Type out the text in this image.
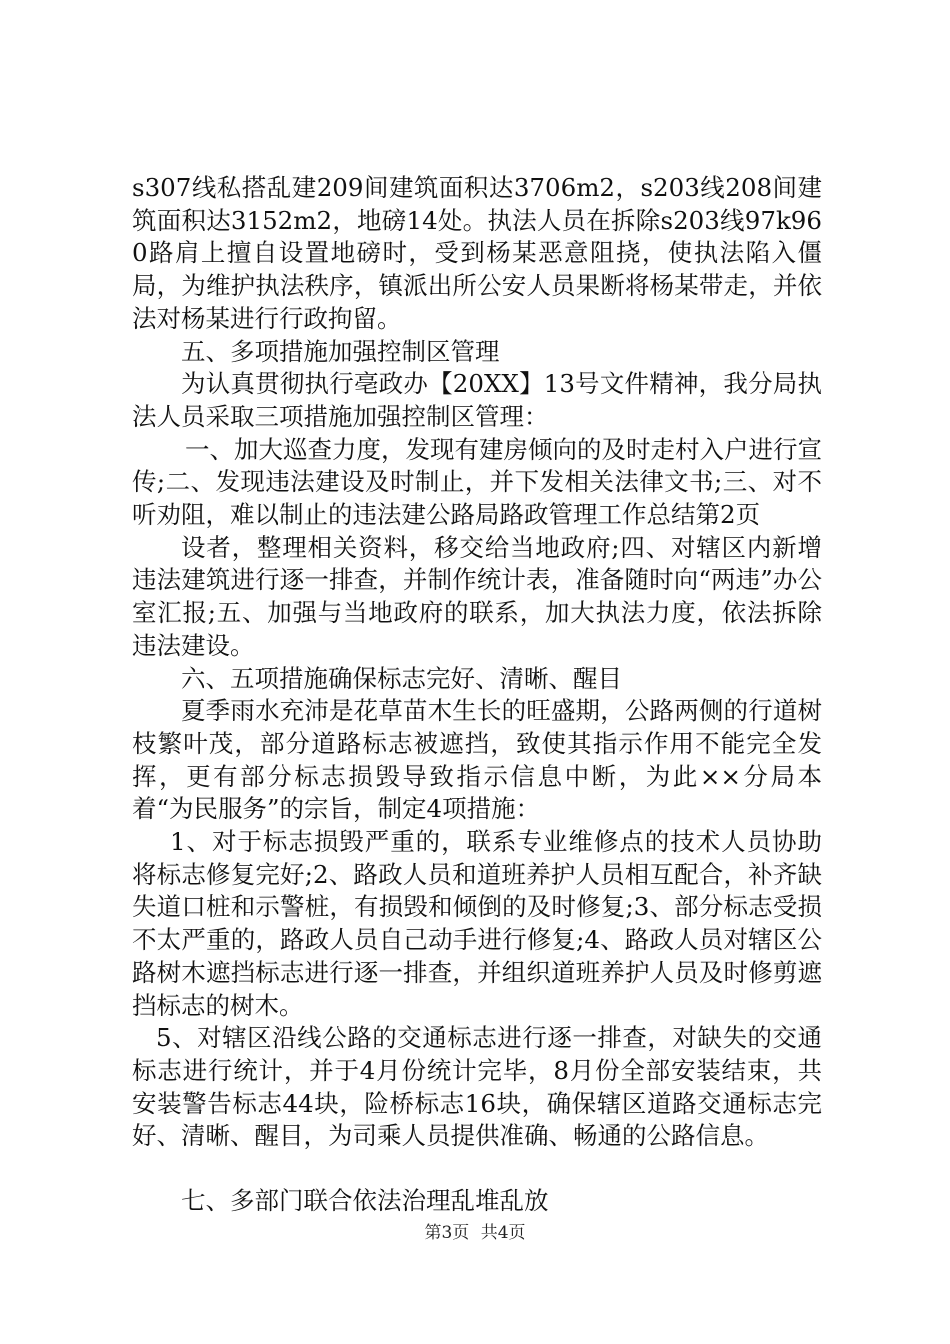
s307线私搭乱建209间建筑面积达3706m2，s203线208间建筑面积达3152m2，地磅14处。执法人员在拆除s203线97k960路肩上擅自设置地磅时，受到杨某恶意阻挠，使执法陷入僵局，为维护执法秩序，镇派出所公安人员果断将杨某带走，并依法对杨某进行行政拘留。

五、多项措施加强控制区管理

为认真贯彻执行亳政办【20XX】13号文件精神，我分局执法人员采取三项措施加强控制区管理：

一、加大巡查力度，发现有建房倾向的及时走村入户进行宣传;二、发现违法建设及时制止，并下发相关法律文书;三、对不听劝阻，难以制止的违法建公路局路政管理工作总结第2页

设者，整理相关资料，移交给当地政府;四、对辖区内新增违法建筑进行逐一排查，并制作统计表，准备随时向“两违”办公室汇报;五、加强与当地政府的联系，加大执法力度，依法拆除违法建设。

六、五项措施确保标志完好、清晰、醒目

夏季雨水充沛是花草苗木生长的旺盛期，公路两侧的行道树枝繁叶茂，部分道路标志被遮挡，致使其指示作用不能完全发挥，更有部分标志损毁导致指示信息中断，为此××分局本着“为民服务”的宗旨，制定4项措施：

1、对于标志损毁严重的，联系专业维修点的技术人员协助将标志修复完好;2、路政人员和道班养护人员相互配合，补齐缺失道口桩和示警桩，有损毁和倾倒的及时修复;3、部分标志受损不太严重的，路政人员自己动手进行修复;4、路政人员对辖区公路树木遮挡标志进行逐一排查，并组织道班养护人员及时修剪遮挡标志的树木。

5、对辖区沿线公路的交通标志进行逐一排查，对缺失的交通标志进行统计，并于4月份统计完毕，8月份全部安装结束，共安装警告标志44块，险桥标志16块，确保辖区道路交通标志完好、清晰、醒目，为司乘人员提供准确、畅通的公路信息。

七、多部门联合依法治理乱堆乱放

第3页 共4页
